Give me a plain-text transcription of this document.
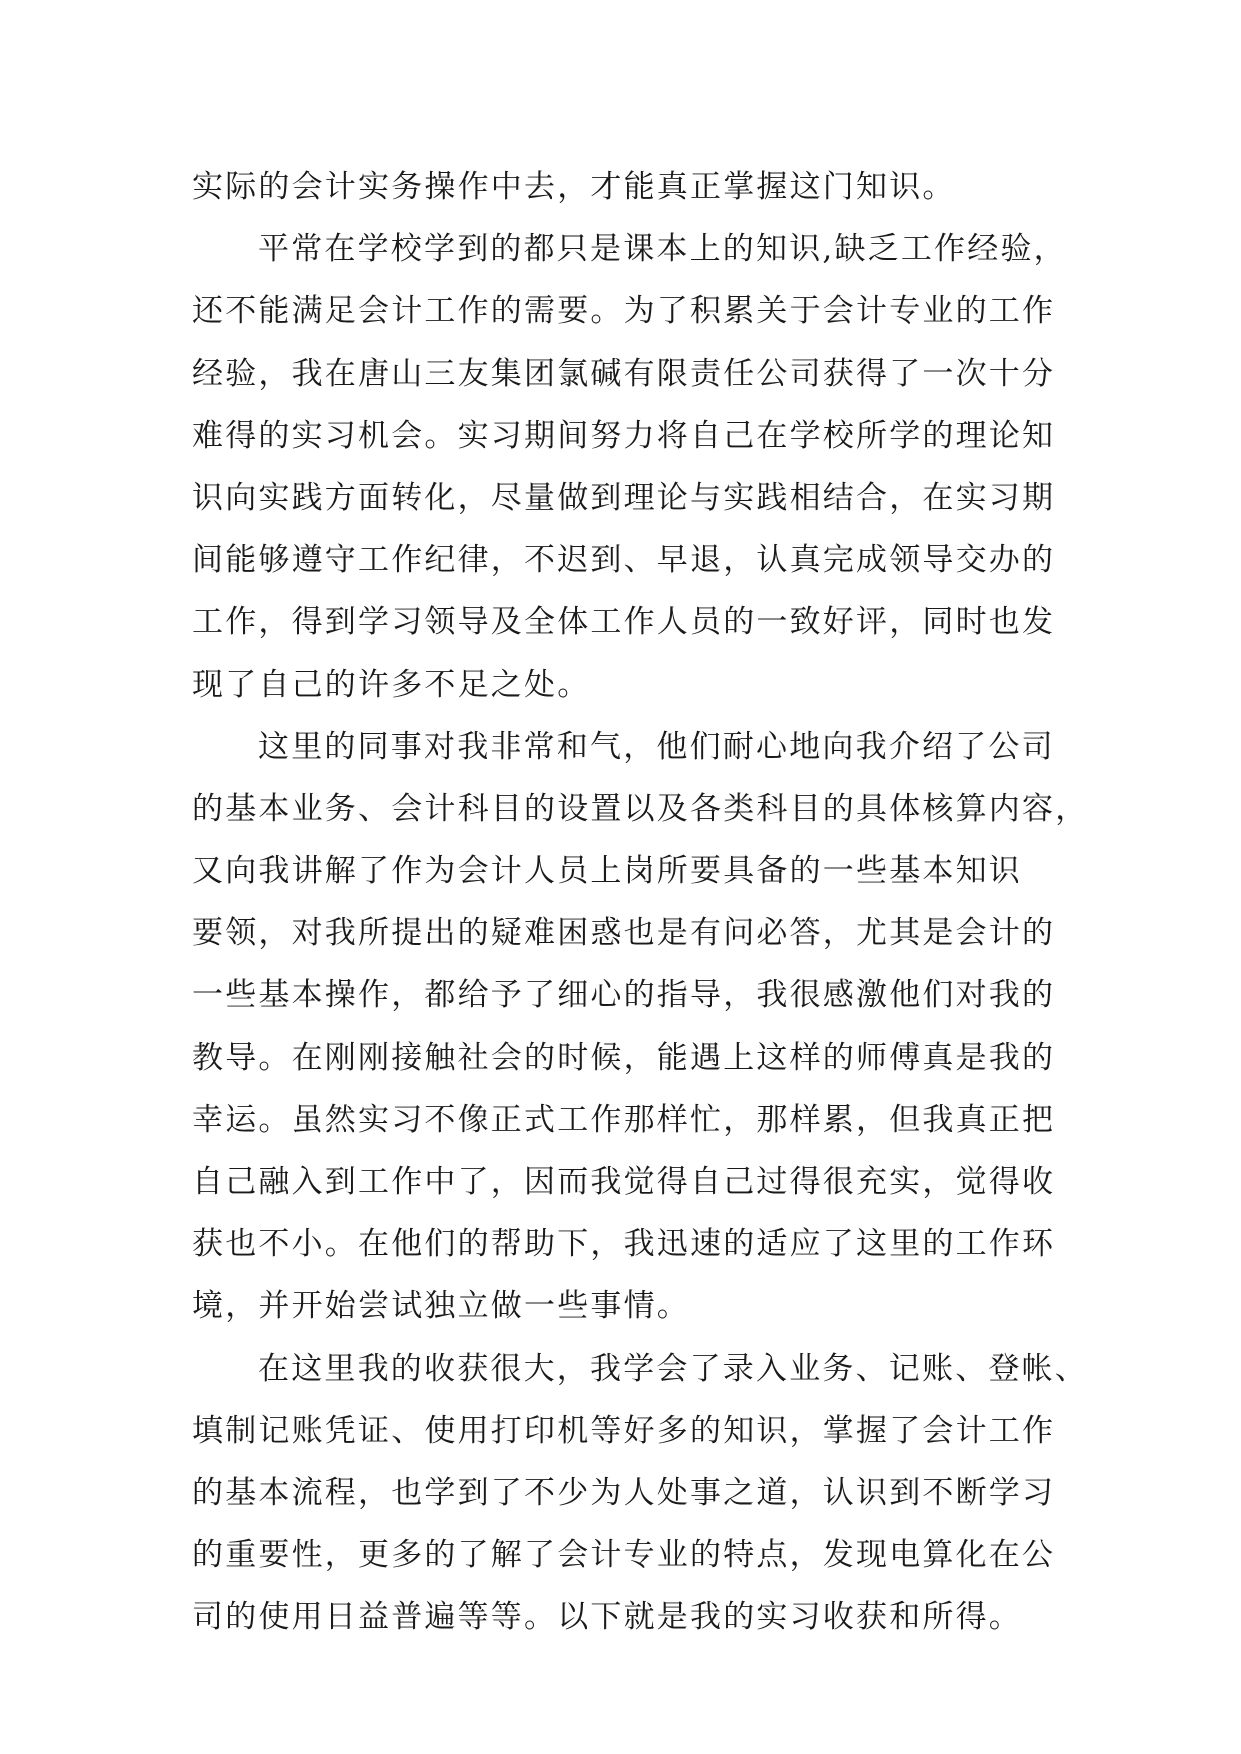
实际的会计实务操作中去，才能真正掌握这门知识。
平常在学校学到的都只是课本上的知识,缺乏工作经验，
还不能满足会计工作的需要。为了积累关于会计专业的工作
经验，我在唐山三友集团氯碱有限责任公司获得了一次十分
难得的实习机会。实习期间努力将自己在学校所学的理论知
识向实践方面转化，尽量做到理论与实践相结合，在实习期
间能够遵守工作纪律，不迟到、早退，认真完成领导交办的
工作，得到学习领导及全体工作人员的一致好评，同时也发
现了自己的许多不足之处。
这里的同事对我非常和气，他们耐心地向我介绍了公司
的基本业务、会计科目的设置以及各类科目的具体核算内容，
又向我讲解了作为会计人员上岗所要具备的一些基本知识
要领，对我所提出的疑难困惑也是有问必答，尤其是会计的
一些基本操作，都给予了细心的指导，我很感激他们对我的
教导。在刚刚接触社会的时候，能遇上这样的师傅真是我的
幸运。虽然实习不像正式工作那样忙，那样累，但我真正把
自己融入到工作中了，因而我觉得自己过得很充实，觉得收
获也不小。在他们的帮助下，我迅速的适应了这里的工作环
境，并开始尝试独立做一些事情。
在这里我的收获很大，我学会了录入业务、记账、登帐、
填制记账凭证、使用打印机等好多的知识，掌握了会计工作
的基本流程，也学到了不少为人处事之道，认识到不断学习
的重要性，更多的了解了会计专业的特点，发现电算化在公
司的使用日益普遍等等。以下就是我的实习收获和所得。
